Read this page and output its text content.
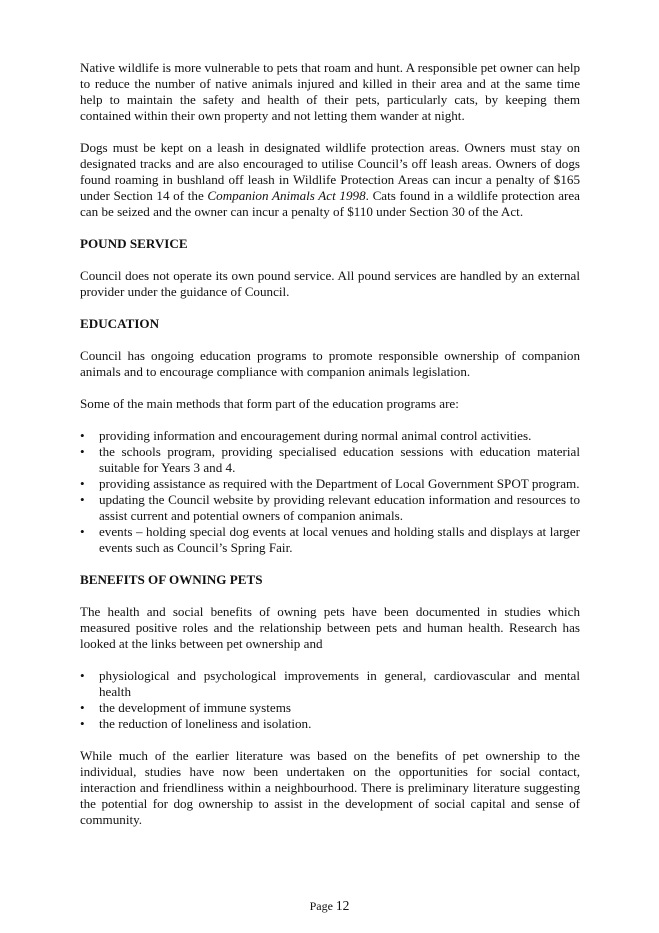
Native wildlife is more vulnerable to pets that roam and hunt. A responsible pet owner can help to reduce the number of native animals injured and killed in their area and at the same time help to maintain the safety and health of their pets, particularly cats, by keeping them contained within their own property and not letting them wander at night.

Dogs must be kept on a leash in designated wildlife protection areas. Owners must stay on designated tracks and are also encouraged to utilise Council’s off leash areas. Owners of dogs found roaming in bushland off leash in Wildlife Protection Areas can incur a penalty of $165 under Section 14 of the Companion Animals Act 1998. Cats found in a wildlife protection area can be seized and the owner can incur a penalty of $110 under Section 30 of the Act.

POUND SERVICE

Council does not operate its own pound service. All pound services are handled by an external provider under the guidance of Council.

EDUCATION

Council has ongoing education programs to promote responsible ownership of companion animals and to encourage compliance with companion animals legislation.

Some of the main methods that form part of the education programs are:

• providing information and encouragement during normal animal control activities.
• the schools program, providing specialised education sessions with education material suitable for Years 3 and 4.
• providing assistance as required with the Department of Local Government SPOT program.
• updating the Council website by providing relevant education information and resources to assist current and potential owners of companion animals.
• events – holding special dog events at local venues and holding stalls and displays at larger events such as Council’s Spring Fair.
BENEFITS OF OWNING PETS

The health and social benefits of owning pets have been documented in studies which measured positive roles and the relationship between pets and human health. Research has looked at the links between pet ownership and

• physiological and psychological improvements in general, cardiovascular and mental health
• the development of immune systems
• the reduction of loneliness and isolation.

While much of the earlier literature was based on the benefits of pet ownership to the individual, studies have now been undertaken on the opportunities for social contact, interaction and friendliness within a neighbourhood. There is preliminary literature suggesting the potential for dog ownership to assist in the development of social capital and sense of community.

Page 12
